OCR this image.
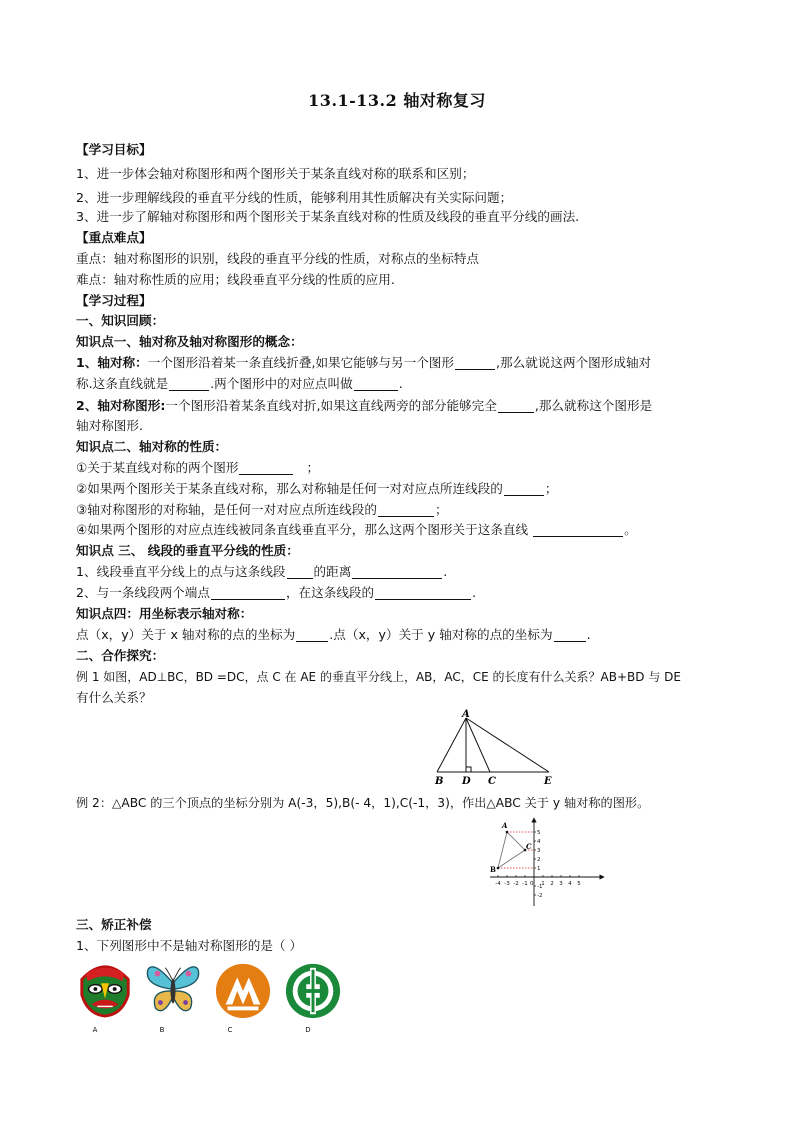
13.1-13.2 轴对称复习
【学习目标】
1、进一步体会轴对称图形和两个图形关于某条直线对称的联系和区别；
2、进一步理解线段的垂直平分线的性质，能够利用其性质解决有关实际问题；
3、进一步了解轴对称图形和两个图形关于某条直线对称的性质及线段的垂直平分线的画法.
【重点难点】
重点：轴对称图形的识别，线段的垂直平分线的性质，对称点的坐标特点
难点：轴对称性质的应用；线段垂直平分线的性质的应用.
【学习过程】
一、知识回顾：
知识点一、轴对称及轴对称图形的概念：
1、轴对称：一个图形沿着某一条直线折叠,如果它能够与另一个图形	,那么就说这两个图形成轴对
称.这条直线就是	.两个图形中的对应点叫做	.
2、轴对称图形:一个图形沿着某条直线对折,如果这直线两旁的部分能够完全	,那么就称这个图形是
轴对称图形.
知识点二、轴对称的性质：
①关于某直线对称的两个图形	；
②如果两个图形关于某条直线对称，那么对称轴是任何一对对应点所连线段的	；
③轴对称图形的对称轴，是任何一对对应点所连线段的	；
④如果两个图形的对应点连线被同条直线垂直平分，那么这两个图形关于这条直线	。
知识点 三、 线段的垂直平分线的性质：
1、线段垂直平分线上的点与这条线段 的距离	.
2、与一条线段两个端点	，在这条线段的	.
知识点四：用坐标表示轴对称：
点（x，y）关于 x 轴对称的点的坐标为	.点（x，y）关于 y 轴对称的点的坐标为	.
二、合作探究：
例 1 如图，AD⊥BC，BD =DC，点 C 在 AE 的垂直平分线上，AB，AC，CE 的长度有什么关系？AB+BD 与 DE
有什么关系？
A
B D C	E
例 2：△ABC 的三个顶点的坐标分别为 A(-3，5),B(- 4，1),C(-1，3)，作出△ABC 关于 y 轴对称的图形。
A
B
C
-4 -3 -2 -1 1 2 3 4 5
5
4
3
2
1
-1
-2
0
三、矫正补偿
1、下列图形中不是轴对称图形的是（ ）
A	B	C	D
